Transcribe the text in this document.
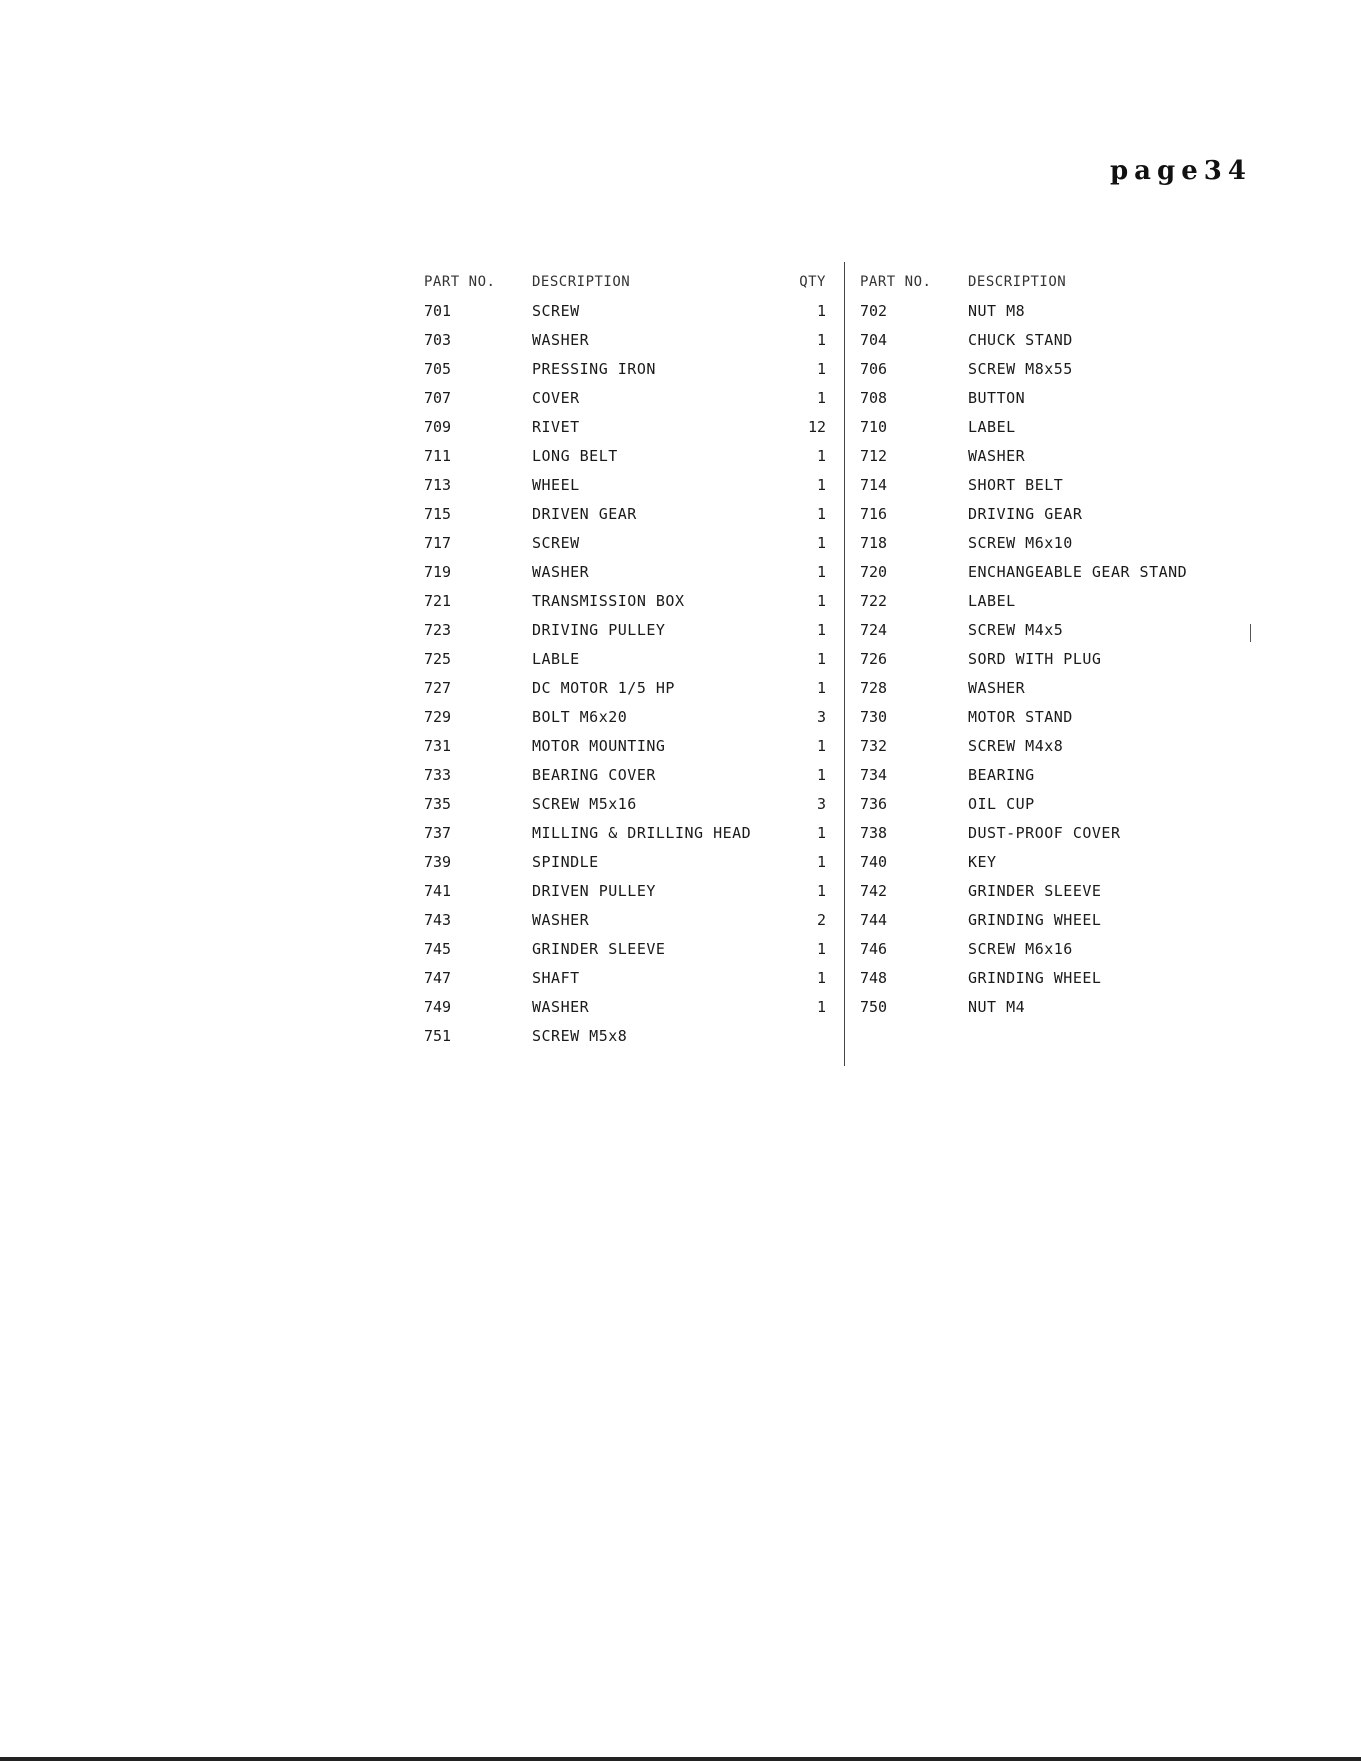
page34
PART NO.	DESCRIPTION	QTY PART NO.	DESCRIPTION
701	SCREW	1 702	NUT M8
703	WASHER	1 704	CHUCK STAND
705	PRESSING IRON	1 706	SCREW M8x55
707	COVER	1 708	BUTTON
709	RIVET	12 710	LABEL
711	LONG BELT	1 712	WASHER
713	WHEEL	1 714	SHORT BELT
715	DRIVEN GEAR	1 716	DRIVING GEAR
717	SCREW	1 718	SCREW M6x10
719	WASHER	1 720	ENCHANGEABLE GEAR STAND
721	TRANSMISSION BOX	1 722	LABEL
723	DRIVING PULLEY	1 724	SCREW M4x5
725	LABLE	1 726	SORD WITH PLUG
727	DC MOTOR 1/5 HP	1 728	WASHER
729	BOLT M6x20	3 730	MOTOR STAND
731	MOTOR MOUNTING	1 732	SCREW M4x8
733	BEARING COVER	1 734	BEARING
735	SCREW M5x16	3 736	OIL CUP
737	MILLING & DRILLING HEAD	1 738	DUST-PROOF COVER
739	SPINDLE	1 740	KEY
741	DRIVEN PULLEY	1 742	GRINDER SLEEVE
743	WASHER	2 744	GRINDING WHEEL
745	GRINDER SLEEVE	1 746	SCREW M6x16
747	SHAFT	1 748	GRINDING WHEEL
749	WASHER	1 750	NUT M4
751	SCREW M5x8
